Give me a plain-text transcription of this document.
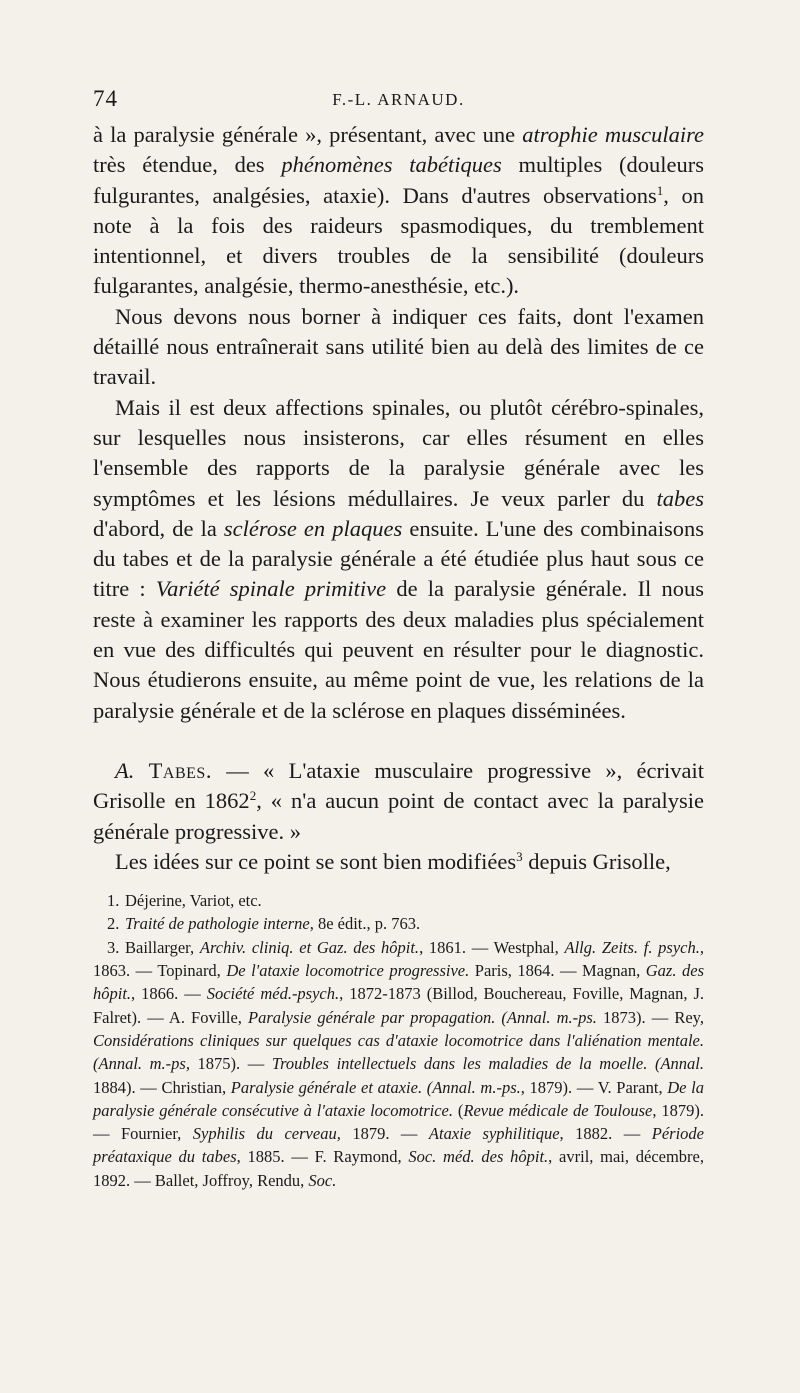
74	F.-L. ARNAUD.

à la paralysie générale », présentant, avec une atrophie musculaire très étendue, des phénomènes tabétiques multiples (douleurs fulgurantes, analgésies, ataxie). Dans d'autres observations$^1$, on note à la fois des raideurs spasmodiques, du tremblement intentionnel, et divers troubles de la sensibilité (douleurs fulgarantes, analgésie, thermo-anesthésie, etc.).

Nous devons nous borner à indiquer ces faits, dont l'examen détaillé nous entraînerait sans utilité bien au delà des limites de ce travail.

Mais il est deux affections spinales, ou plutôt cérébro-spinales, sur lesquelles nous insisterons, car elles résument en elles l'ensemble des rapports de la paralysie générale avec les symptômes et les lésions médullaires. Je veux parler du tabes d'abord, de la sclérose en plaques ensuite. L'une des combinaisons du tabes et de la paralysie générale a été étudiée plus haut sous ce titre : Variété spinale primitive de la paralysie générale. Il nous reste à examiner les rapports des deux maladies plus spécialement en vue des difficultés qui peuvent en résulter pour le diagnostic. Nous étudierons ensuite, au même point de vue, les relations de la paralysie générale et de la sclérose en plaques disséminées.

A. Tabes. — « L'ataxie musculaire progressive », écrivait Grisolle en 1862$^2$, « n'a aucun point de contact avec la paralysie générale progressive. »

Les idées sur ce point se sont bien modifiées$^3$ depuis Grisolle,

1. Déjerine, Variot, etc.

2. Traité de pathologie interne, 8e édit., p. 763.

3. Baillarger, Archiv. cliniq. et Gaz. des hôpit., 1861. — Westphal, Allg. Zeits. f. psych., 1863. — Topinard, De l'ataxie locomotrice progressive. Paris, 1864. — Magnan, Gaz. des hôpit., 1866. — Société méd.-psych., 1872-1873 (Billod, Bouchereau, Foville, Magnan, J. Falret). — A. Foville, Paralysie générale par propagation. (Annal. m.-ps. 1873). — Rey, Considérations cliniques sur quelques cas d'ataxie locomotrice dans l'aliénation mentale. (Annal. m.-ps, 1875). — Troubles intellectuels dans les maladies de la moelle. (Annal. 1884). — Christian, Paralysie générale et ataxie. (Annal. m.-ps., 1879). — V. Parant, De la paralysie générale consécutive à l'ataxie locomotrice. (Revue médicale de Toulouse, 1879). — Fournier, Syphilis du cerveau, 1879. — Ataxie syphilitique, 1882. — Période préataxique du tabes, 1885. — F. Raymond, Soc. méd. des hôpit., avril, mai, décembre, 1892. — Ballet, Joffroy, Rendu, Soc.
